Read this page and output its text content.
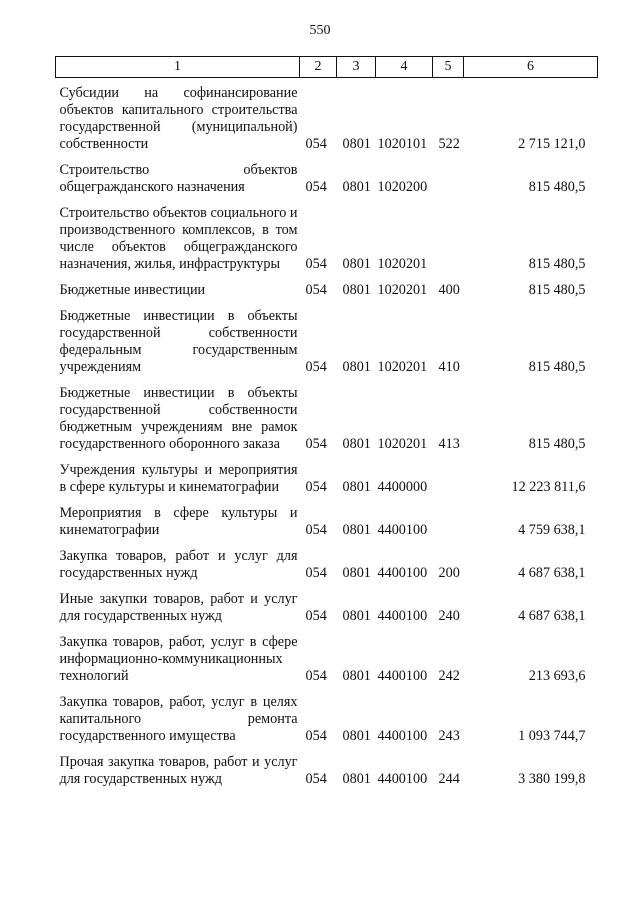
550
1	2	3	4	5	6

Субсидии на софинансирование объектов капитального строительства государственной (муниципальной) собственности	054	0801	1020101	522	2 715 121,0
Строительство объектов общегражданского назначения	054	0801	1020200		815 480,5
Строительство объектов социального и производственного комплексов, в том числе объектов общегражданского назначения, жилья, инфраструктуры	054	0801	1020201		815 480,5
Бюджетные инвестиции	054	0801	1020201	400	815 480,5
Бюджетные инвестиции в объекты государственной собственности федеральным государственным учреждениям	054	0801	1020201	410	815 480,5
Бюджетные инвестиции в объекты государственной собственности бюджетным учреждениям вне рамок государственного оборонного заказа	054	0801	1020201	413	815 480,5
Учреждения культуры и мероприятия в сфере культуры и кинематографии	054	0801	4400000		12 223 811,6
Мероприятия в сфере культуры и кинематографии	054	0801	4400100		4 759 638,1
Закупка товаров, работ и услуг для государственных нужд	054	0801	4400100	200	4 687 638,1
Иные закупки товаров, работ и услуг для государственных нужд	054	0801	4400100	240	4 687 638,1
Закупка товаров, работ, услуг в сфере информационно-коммуникационных технологий	054	0801	4400100	242	213 693,6
Закупка товаров, работ, услуг в целях капитального ремонта государственного имущества	054	0801	4400100	243	1 093 744,7
Прочая закупка товаров, работ и услуг для государственных нужд	054	0801	4400100	244	3 380 199,8
